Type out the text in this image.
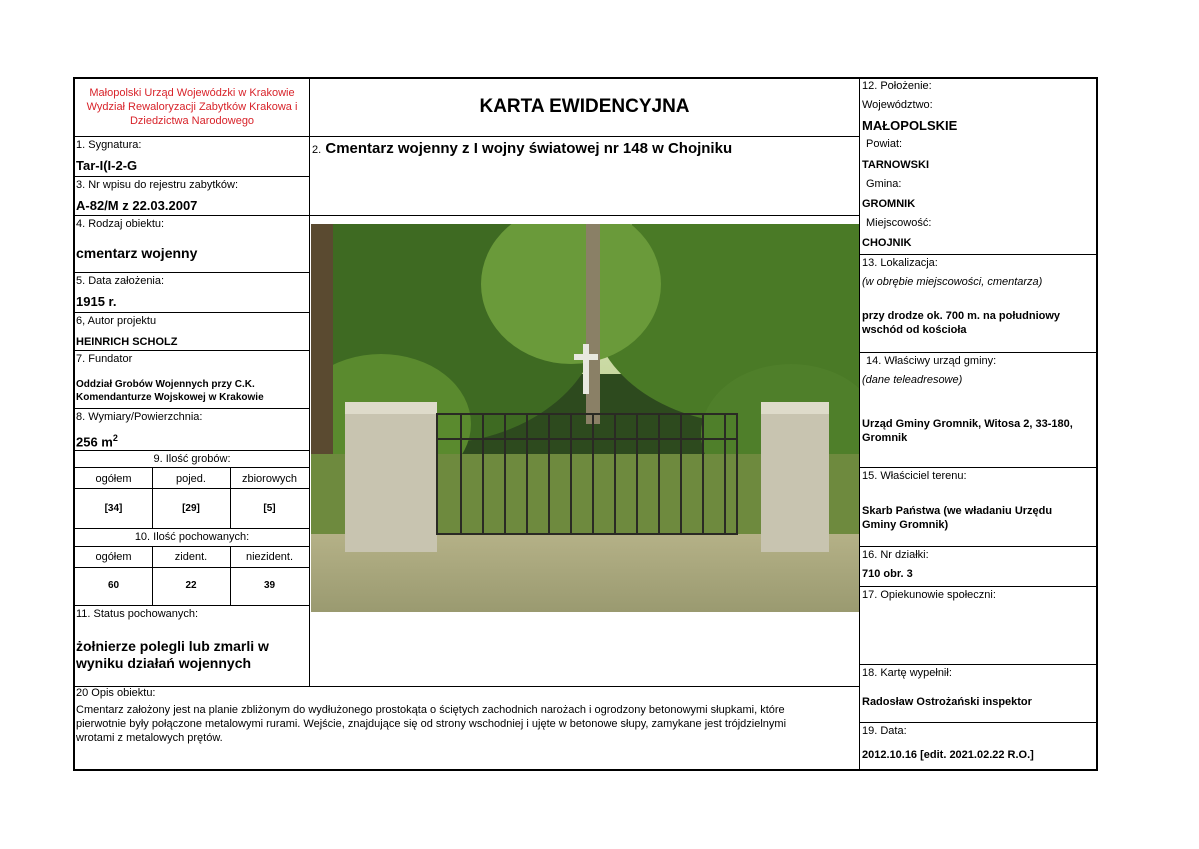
Małopolski Urząd Wojewódzki w Krakowie
Wydział Rewaloryzacji Zabytków Krakowa i
Dziedzictwa Narodowego
KARTA EWIDENCYJNA
1. Sygnatura:
Tar-I(I-2-G
2. Cmentarz wojenny z I wojny światowej nr 148 w Chojniku
3. Nr wpisu do rejestru zabytków:
A-82/M z 22.03.2007
4. Rodzaj obiektu:
cmentarz wojenny
5. Data założenia:
1915 r.
6, Autor projektu
HEINRICH SCHOLZ
7. Fundator
Oddział Grobów Wojennych przy C.K.
Komendanturze Wojskowej w Krakowie
8. Wymiary/Powierzchnia:
256 $m^2$
9. Ilość grobów:
ogółem	pojed.	zbiorowych
[34]	[29]	[5]
10. Ilość pochowanych:
ogółem	zident.	niezident.
60	22	39
11. Status pochowanych:
żołnierze polegli lub zmarli w
wyniku działań wojennych
12. Położenie:
Województwo:
MAŁOPOLSKIE
Powiat:
TARNOWSKI
Gmina:
GROMNIK
Miejscowość:
CHOJNIK
13. Lokalizacja:
(w obrębie miejscowości, cmentarza)
przy drodze ok. 700 m. na południowy
wschód od kościoła
14. Właściwy urząd gminy:
(dane teleadresowe)
Urząd Gminy Gromnik, Witosa 2, 33-180,
Gromnik
15. Właściciel terenu:
Skarb Państwa (we władaniu Urzędu
Gminy Gromnik)
16. Nr działki:
710 obr. 3
17. Opiekunowie społeczni:
18. Kartę wypełnił:
Radosław Ostrożański inspektor
19. Data:
2012.10.16 [edit. 2021.02.22 R.O.]
20 Opis obiektu:
Cmentarz założony jest na planie zbliżonym do wydłużonego prostokąta o ściętych zachodnich narożach i ogrodzony betonowymi słupkami, które
pierwotnie były połączone metalowymi rurami. Wejście, znajdujące się od strony wschodniej i ujęte w betonowe słupy, zamykane jest trójdzielnymi
wrotami z metalowych prętów.
